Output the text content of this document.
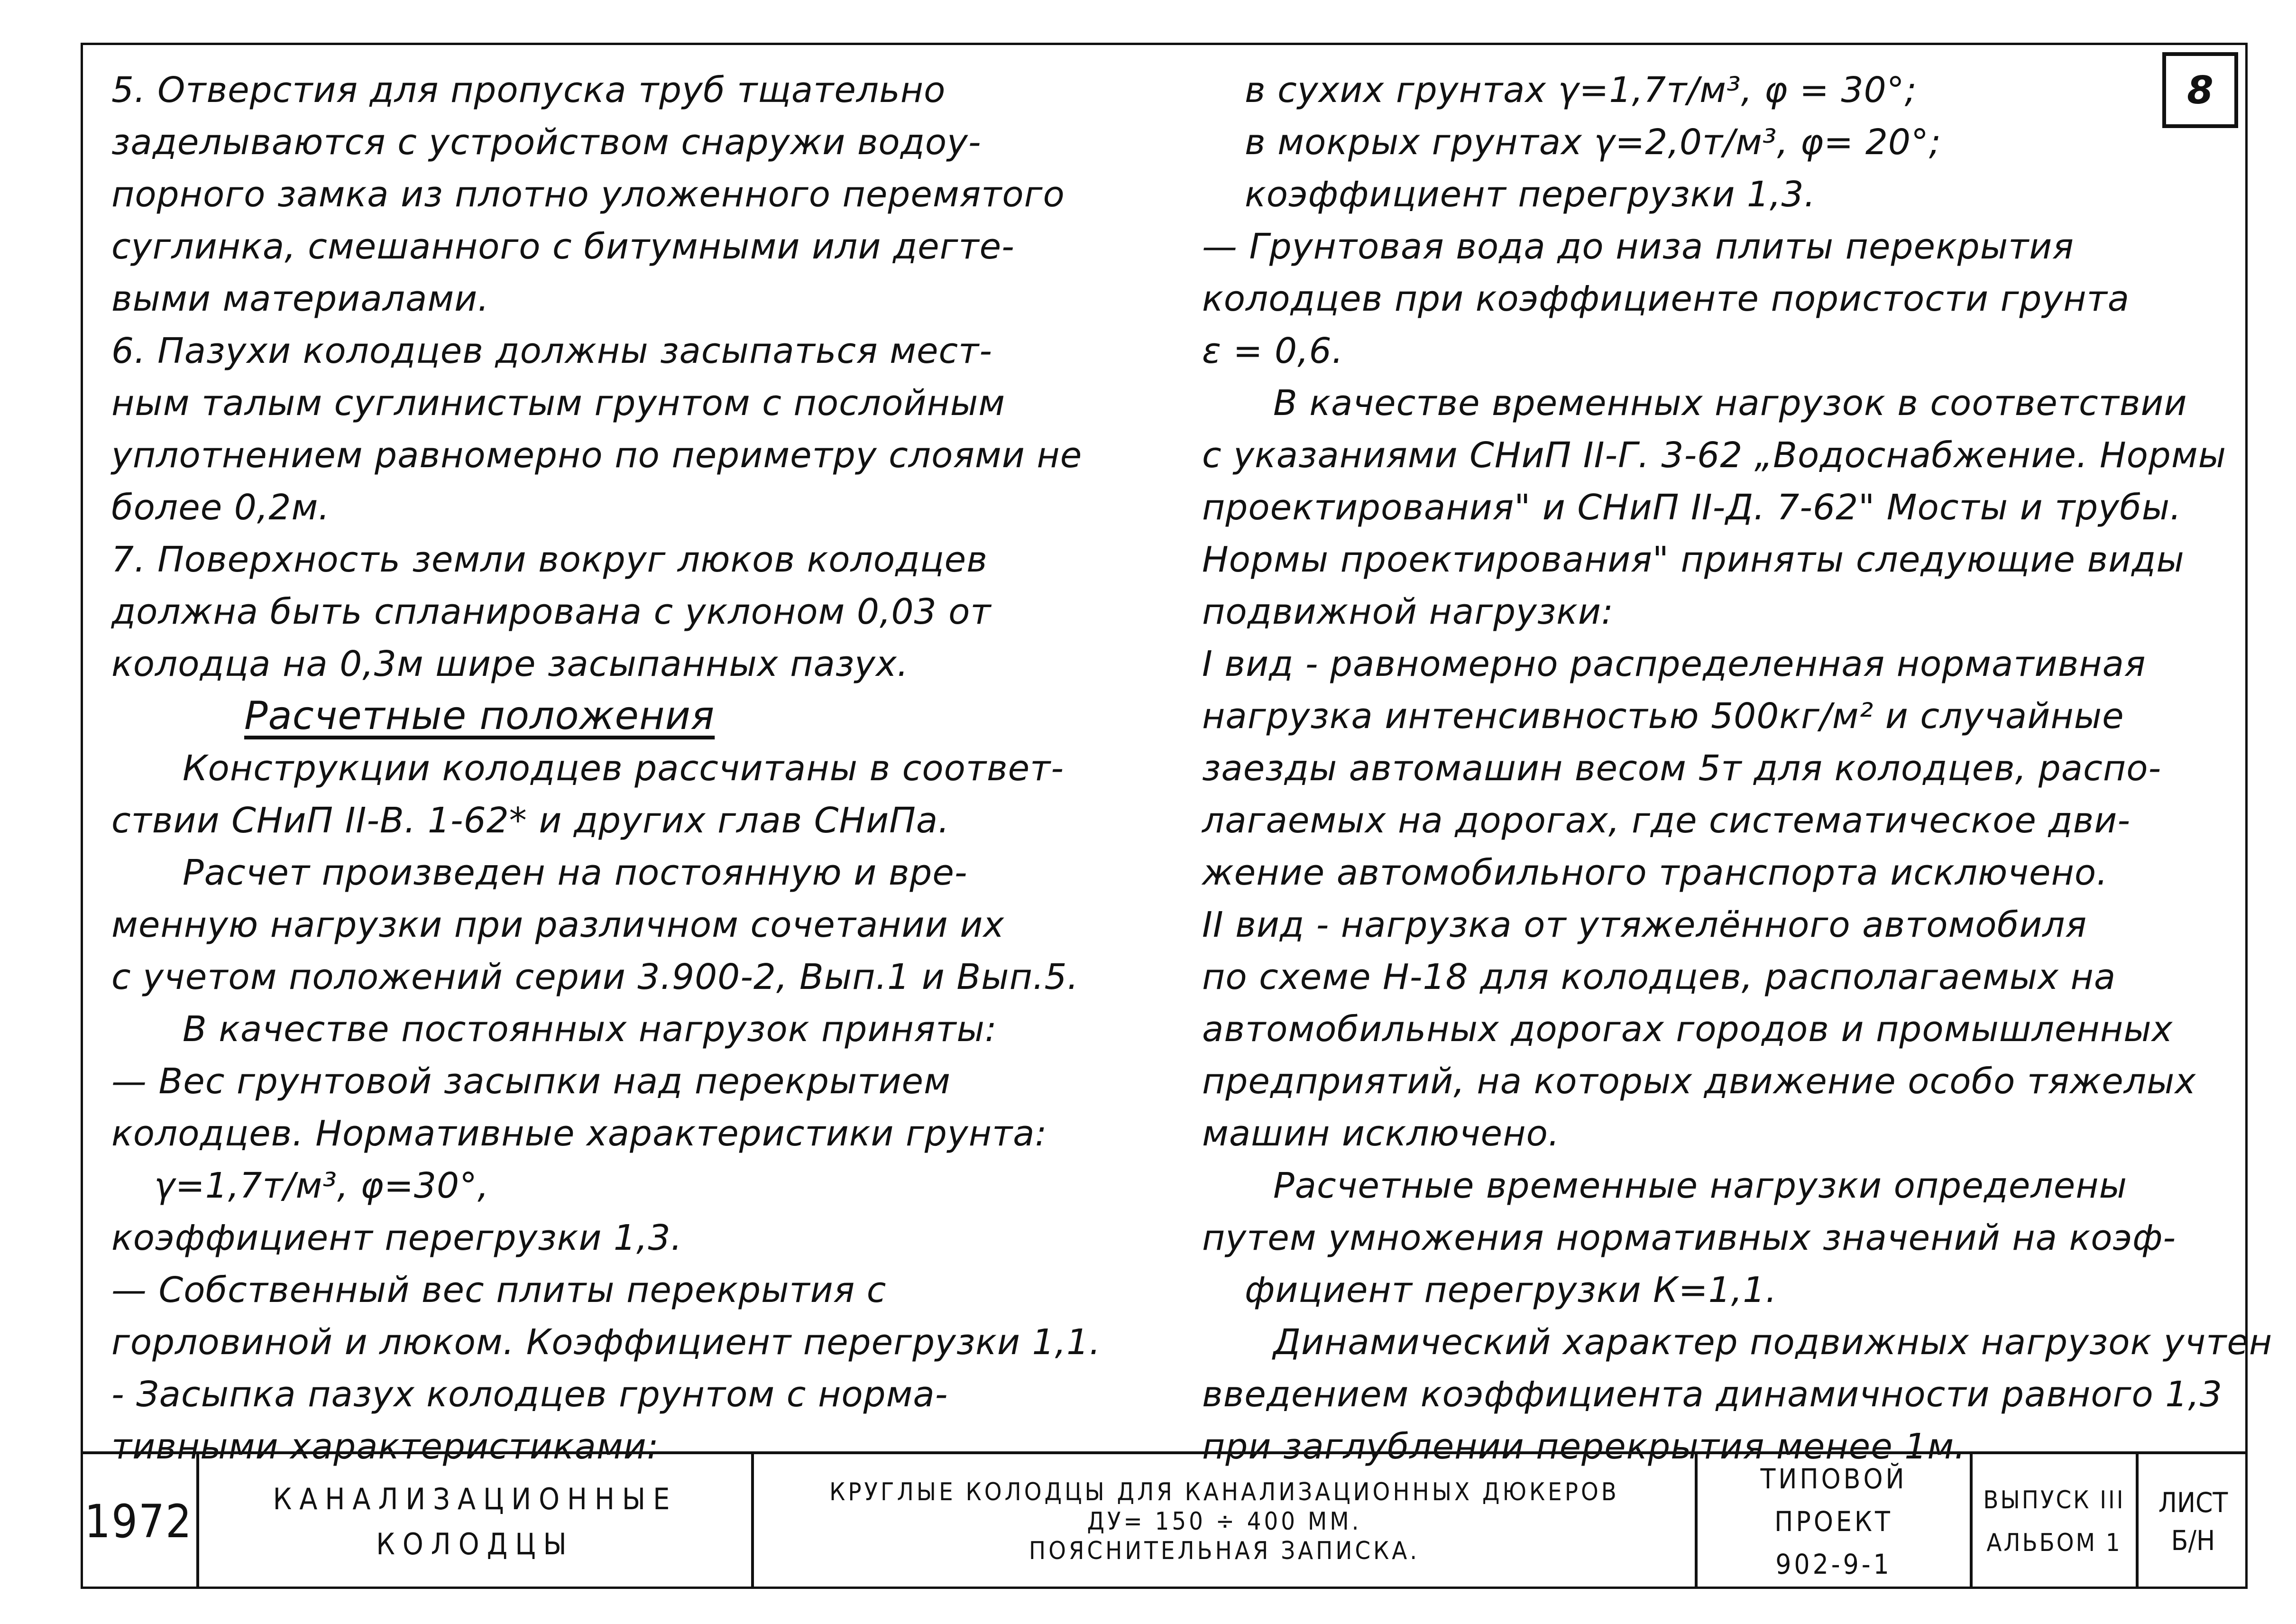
8
5. Отверстия для пропуска труб тщательно
заделываются с устройством снаружи водоу-
порного замка из плотно уложенного перемятого
суглинка, смешанного с битумными или дегте-
выми материалами.
6. Пазухи колодцев должны засыпаться мест-
ным талым суглинистым грунтом с послойным
уплотнением равномерно по периметру слоями не
более 0,2м.
7. Поверхность земли вокруг люков колодцев
должна быть спланирована с уклоном 0,03 от
колодца на 0,3м шире засыпанных пазух.
Расчетные положения
Конструкции колодцев рассчитаны в соответ-
ствии СНиП II-В. 1-62* и других глав СНиПа.
Расчет произведен на постоянную и вре-
менную нагрузки при различном сочетании их
с учетом положений серии 3.900-2, Вып.1 и Вып.5.
В качестве постоянных нагрузок приняты:
— Вес грунтовой засыпки над перекрытием
колодцев. Нормативные характеристики грунта:
γ=1,7т/м³, φ=30°,
коэффициент перегрузки 1,3.
— Собственный вес плиты перекрытия с
горловиной и люком. Коэффициент перегрузки 1,1.
- Засыпка пазух колодцев грунтом с норма-
тивными характеристиками:
в сухих грунтах γ=1,7т/м³, φ = 30°;
в мокрых грунтах γ=2,0т/м³, φ= 20°;
коэффициент перегрузки 1,3.
— Грунтовая вода до низа плиты перекрытия
колодцев при коэффициенте пористости грунта
ε = 0,6.
В качестве временных нагрузок в соответствии
с указаниями СНиП II-Г. 3-62 „Водоснабжение. Нормы
проектирования" и СНиП II-Д. 7-62" Мосты и трубы.
Нормы проектирования" приняты следующие виды
подвижной нагрузки:
I вид - равномерно распределенная нормативная
нагрузка интенсивностью 500кг/м² и случайные
заезды автомашин весом 5т для колодцев, распо-
лагаемых на дорогах, где систематическое дви-
жение автомобильного транспорта исключено.
II вид - нагрузка от утяжелённого автомобиля
по схеме Н-18 для колодцев, располагаемых на
автомобильных дорогах городов и промышленных
предприятий, на которых движение особо тяжелых
машин исключено.
Расчетные временные нагрузки определены
путем умножения нормативных значений на коэф-
фициент перегрузки К=1,1.
Динамический характер подвижных нагрузок учтен
введением коэффициента динамичности равного 1,3
при заглублении перекрытия менее 1м.
1972	КАНАЛИЗАЦИОННЫЕ
КОЛОДЦЫ
КРУГЛЫЕ КОЛОДЦЫ ДЛЯ КАНАЛИЗАЦИОННЫХ ДЮКЕРОВ
ДУ= 150 ÷ 400 ММ.
ПОЯСНИТЕЛЬНАЯ ЗАПИСКА.
ТИПОВОЙ ПРОЕКТ
902-9-1
ВЫПУСК III
АЛЬБОМ 1
ЛИСТ
Б/Н
